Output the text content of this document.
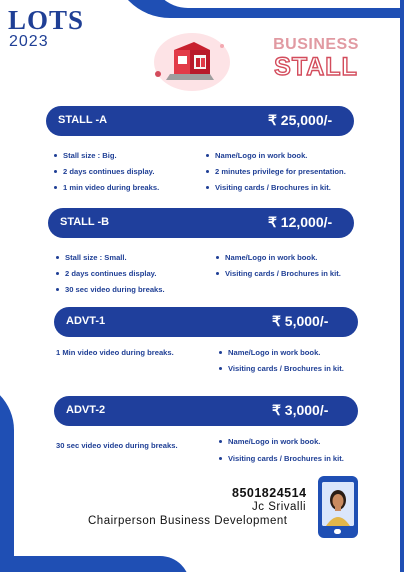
LOTS
2023	BUSINESS
STALL
STALL -A	₹ 25,000/-
Stall size : Big.
2 days continues display.
1 min video during breaks.
Name/Logo in work book.
2 minutes privilege for presentation.
Visiting cards / Brochures in kit.
STALL -B	₹ 12,000/-
Stall size : Small.
2 days continues display.
30 sec video during breaks.
Name/Logo in work book.
Visiting cards / Brochures in kit.
ADVT-1	₹ 5,000/-
1 Min video video during breaks.	Name/Logo in work book.
Visiting cards / Brochures in kit.
ADVT-2	₹ 3,000/-
30 sec video video during breaks.	Name/Logo in work book.
Visiting cards / Brochures in kit.
8501824514
Jc Srivalli
Chairperson Business Development
